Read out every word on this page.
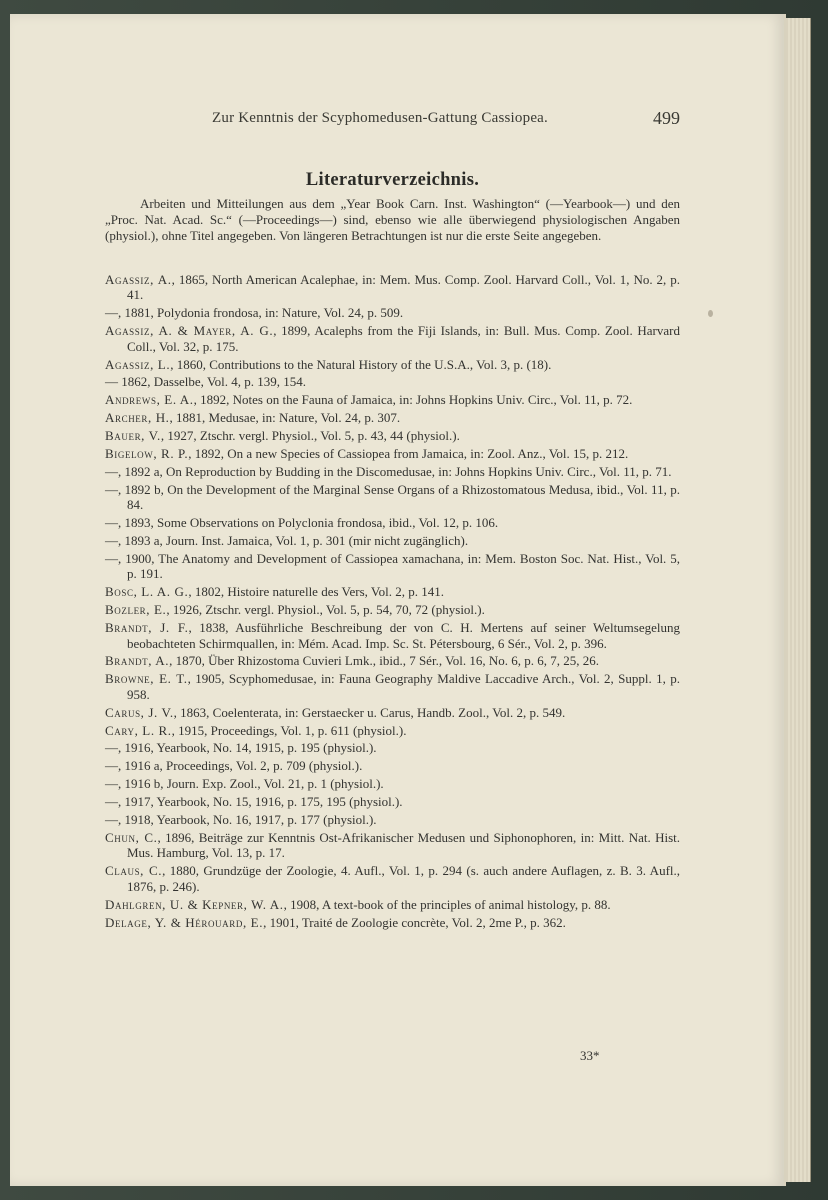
Zur Kenntnis der Scyphomedusen-Gattung Cassiopea.	499
Literaturverzeichnis.
Arbeiten und Mitteilungen aus dem „Year Book Carn. Inst. Washington“ (—Yearbook—) und den „Proc. Nat. Acad. Sc.“ (—Proceedings—) sind, ebenso wie alle überwiegend physiologischen Angaben (physiol.), ohne Titel angegeben. Von längeren Betrachtungen ist nur die erste Seite angegeben.
Agassiz, A., 1865, North American Acalephae, in: Mem. Mus. Comp. Zool. Harvard Coll., Vol. 1, No. 2, p. 41.
—, 1881, Polydonia frondosa, in: Nature, Vol. 24, p. 509.
Agassiz, A. & Mayer, A. G., 1899, Acalephs from the Fiji Islands, in: Bull. Mus. Comp. Zool. Harvard Coll., Vol. 32, p. 175.
Agassiz, L., 1860, Contributions to the Natural History of the U.S.A., Vol. 3, p. (18).
— 1862, Dasselbe, Vol. 4, p. 139, 154.
Andrews, E. A., 1892, Notes on the Fauna of Jamaica, in: Johns Hopkins Univ. Circ., Vol. 11, p. 72.
Archer, H., 1881, Medusae, in: Nature, Vol. 24, p. 307.
Bauer, V., 1927, Ztschr. vergl. Physiol., Vol. 5, p. 43, 44 (physiol.).
Bigelow, R. P., 1892, On a new Species of Cassiopea from Jamaica, in: Zool. Anz., Vol. 15, p. 212.
—, 1892 a, On Reproduction by Budding in the Discomedusae, in: Johns Hopkins Univ. Circ., Vol. 11, p. 71.
—, 1892 b, On the Development of the Marginal Sense Organs of a Rhizostomatous Medusa, ibid., Vol. 11, p. 84.
—, 1893, Some Observations on Polyclonia frondosa, ibid., Vol. 12, p. 106.
—, 1893 a, Journ. Inst. Jamaica, Vol. 1, p. 301 (mir nicht zugänglich).
—, 1900, The Anatomy and Development of Cassiopea xamachana, in: Mem. Boston Soc. Nat. Hist., Vol. 5, p. 191.
Bosc, L. A. G., 1802, Histoire naturelle des Vers, Vol. 2, p. 141.
Bozler, E., 1926, Ztschr. vergl. Physiol., Vol. 5, p. 54, 70, 72 (physiol.).
Brandt, J. F., 1838, Ausführliche Beschreibung der von C. H. Mertens auf seiner Weltumsegelung beobachteten Schirmquallen, in: Mém. Acad. Imp. Sc. St. Pétersbourg, 6 Sér., Vol. 2, p. 396.
Brandt, A., 1870, Über Rhizostoma Cuvieri Lmk., ibid., 7 Sér., Vol. 16, No. 6, p. 6, 7, 25, 26.
Browne, E. T., 1905, Scyphomedusae, in: Fauna Geography Maldive Laccadive Arch., Vol. 2, Suppl. 1, p. 958.
Carus, J. V., 1863, Coelenterata, in: Gerstaecker u. Carus, Handb. Zool., Vol. 2, p. 549.
Cary, L. R., 1915, Proceedings, Vol. 1, p. 611 (physiol.).
—, 1916, Yearbook, No. 14, 1915, p. 195 (physiol.).
—, 1916 a, Proceedings, Vol. 2, p. 709 (physiol.).
—, 1916 b, Journ. Exp. Zool., Vol. 21, p. 1 (physiol.).
—, 1917, Yearbook, No. 15, 1916, p. 175, 195 (physiol.).
—, 1918, Yearbook, No. 16, 1917, p. 177 (physiol.).
Chun, C., 1896, Beiträge zur Kenntnis Ost-Afrikanischer Medusen und Siphonophoren, in: Mitt. Nat. Hist. Mus. Hamburg, Vol. 13, p. 17.
Claus, C., 1880, Grundzüge der Zoologie, 4. Aufl., Vol. 1, p. 294 (s. auch andere Auflagen, z. B. 3. Aufl., 1876, p. 246).
Dahlgren, U. & Kepner, W. A., 1908, A text-book of the principles of animal histology, p. 88.
Delage, Y. & Hérouard, E., 1901, Traité de Zoologie concrète, Vol. 2, 2me P., p. 362.
33*
